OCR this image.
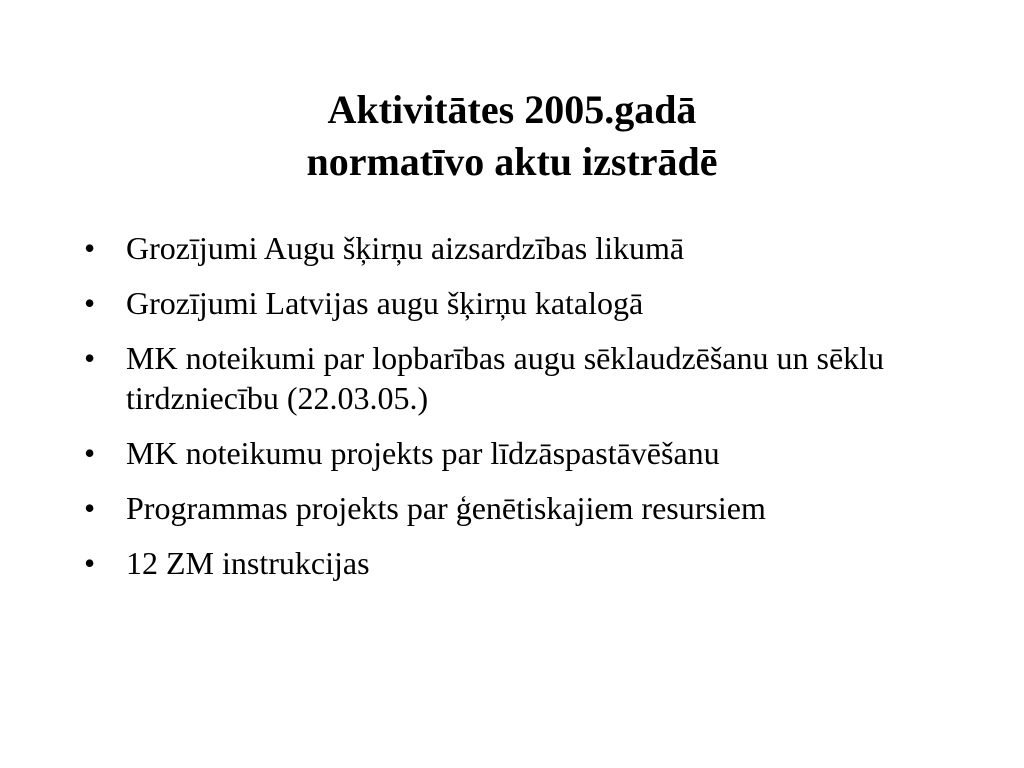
Aktivitātes 2005.gadā
normatīvo aktu izstrādē
• Grozījumi Augu šķirņu aizsardzības likumā
• Grozījumi Latvijas augu šķirņu katalogā
• MK noteikumi par lopbarības augu sēklaudzēšanu un sēklu tirdzniecību (22.03.05.)
• MK noteikumu projekts par līdzāspastāvēšanu
• Programmas projekts par ģenētiskajiem resursiem
• 12 ZM instrukcijas
